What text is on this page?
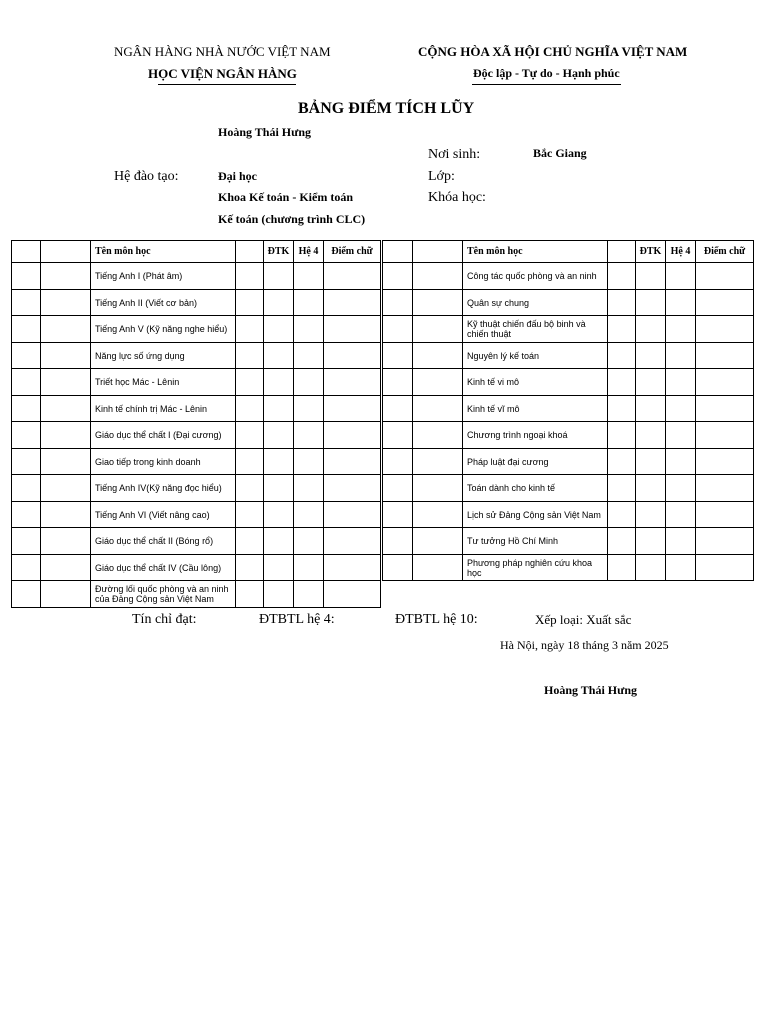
NGÂN HÀNG NHÀ NƯỚC VIỆT NAM
HỌC VIỆN NGÂN HÀNG
CỘNG HÒA XÃ HỘI CHỦ NGHĨA VIỆT NAM
Độc lập - Tự do - Hạnh phúc
BẢNG ĐIỂM TÍCH LŨY
Hoàng Thái Hưng
Nơi sinh:	Bắc Giang
Hệ đào tạo:	Đại học	Lớp:
Khoa Kế toán - Kiểm toán	Khóa học:
Kế toán (chương trình CLC)
		Tên môn học		ĐTK	Hệ 4	Điểm chữ
		Tiếng Anh I (Phát âm)				
		Tiếng Anh II (Viết cơ bản)				
		Tiếng Anh V (Kỹ năng nghe hiểu)				
		Năng lực số ứng dụng				
		Triết học Mác - Lênin				
		Kinh tế chính trị Mác - Lênin				
		Giáo dục thể chất I (Đại cương)				
		Giao tiếp trong kinh doanh				
		Tiếng Anh IV(Kỹ năng đọc hiểu)				
		Tiếng Anh VI (Viết nâng cao)				
		Giáo dục thể chất II (Bóng rổ)				
		Giáo dục thể chất IV (Cầu lông)				
		Đường lối quốc phòng và an ninh của Đảng Cộng sản Việt Nam				
		Tên môn học		ĐTK	Hệ 4	Điểm chữ
		Công tác quốc phòng và an ninh				
		Quân sự chung				
		Kỹ thuật chiến đấu bộ binh và chiến thuật				
		Nguyên lý kế toán				
		Kinh tế vi mô				
		Kinh tế vĩ mô				
		Chương trình ngoại khoá				
		Pháp luật đại cương				
		Toán dành cho kinh tế				
		Lịch sử Đảng Cộng sản Việt Nam				
		Tư tưởng Hồ Chí Minh				
		Phương pháp nghiên cứu khoa học				
Tín chỉ đạt:	ĐTBTL hệ 4:	ĐTBTL hệ 10:	Xếp loại: Xuất sắc
Hà Nội, ngày 18 tháng 3 năm 2025
Hoàng Thái Hưng
